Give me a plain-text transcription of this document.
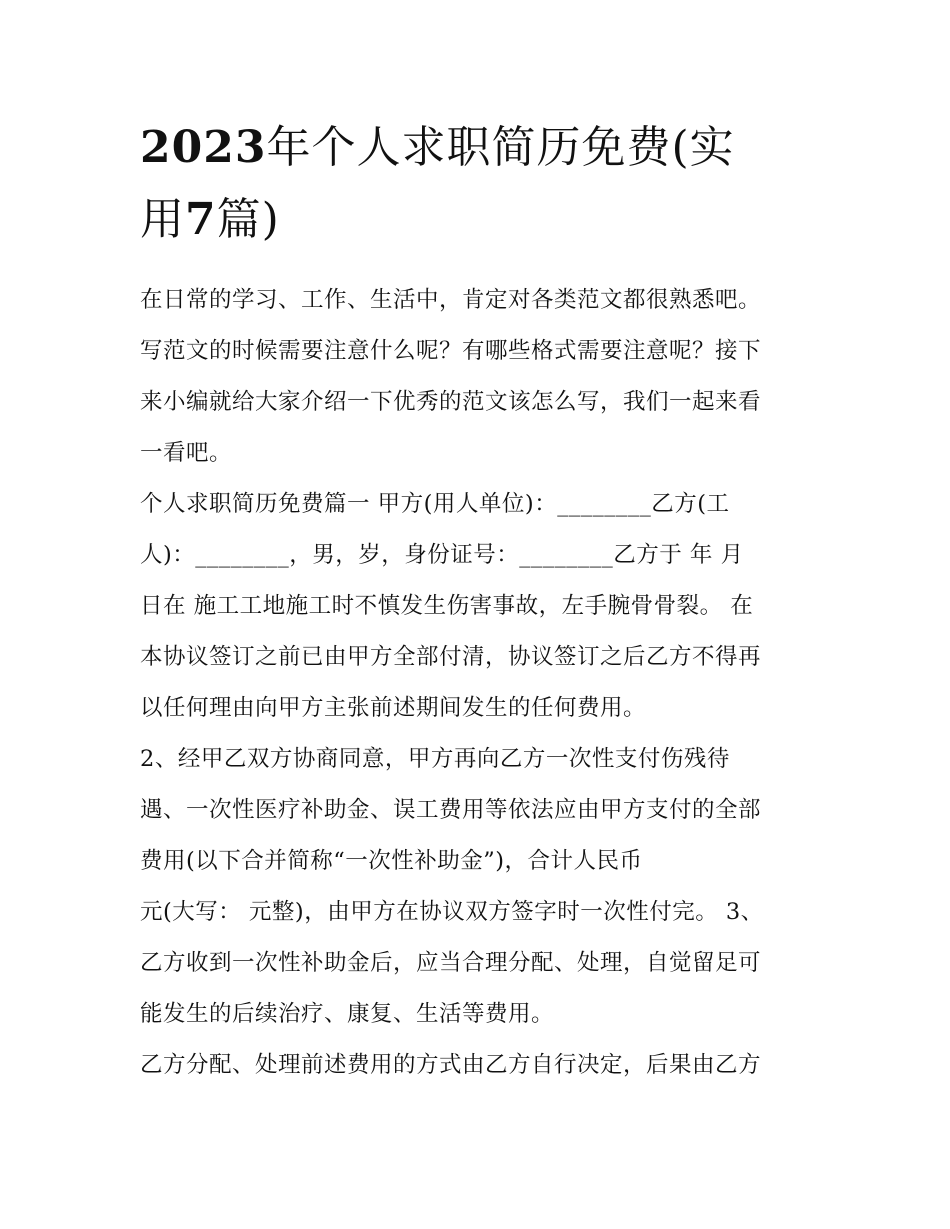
2023年个人求职简历免费(实
用7篇)
在日常的学习、工作、生活中，肯定对各类范文都很熟悉吧。
写范文的时候需要注意什么呢？有哪些格式需要注意呢？接下
来小编就给大家介绍一下优秀的范文该怎么写，我们一起来看
一看吧。
个人求职简历免费篇一 甲方(用人单位)：________乙方(工
人)：________，男，岁，身份证号：________乙方于 年 月
日在 施工工地施工时不慎发生伤害事故，左手腕骨骨裂。 在
本协议签订之前已由甲方全部付清，协议签订之后乙方不得再
以任何理由向甲方主张前述期间发生的任何费用。
2、经甲乙双方协商同意，甲方再向乙方一次性支付伤残待
遇、一次性医疗补助金、误工费用等依法应由甲方支付的全部
费用(以下合并简称“一次性补助金”)，合计人民币
元(大写： 元整)，由甲方在协议双方签字时一次性付完。 3、
乙方收到一次性补助金后，应当合理分配、处理，自觉留足可
能发生的后续治疗、康复、生活等费用。
乙方分配、处理前述费用的方式由乙方自行决定，后果由乙方
